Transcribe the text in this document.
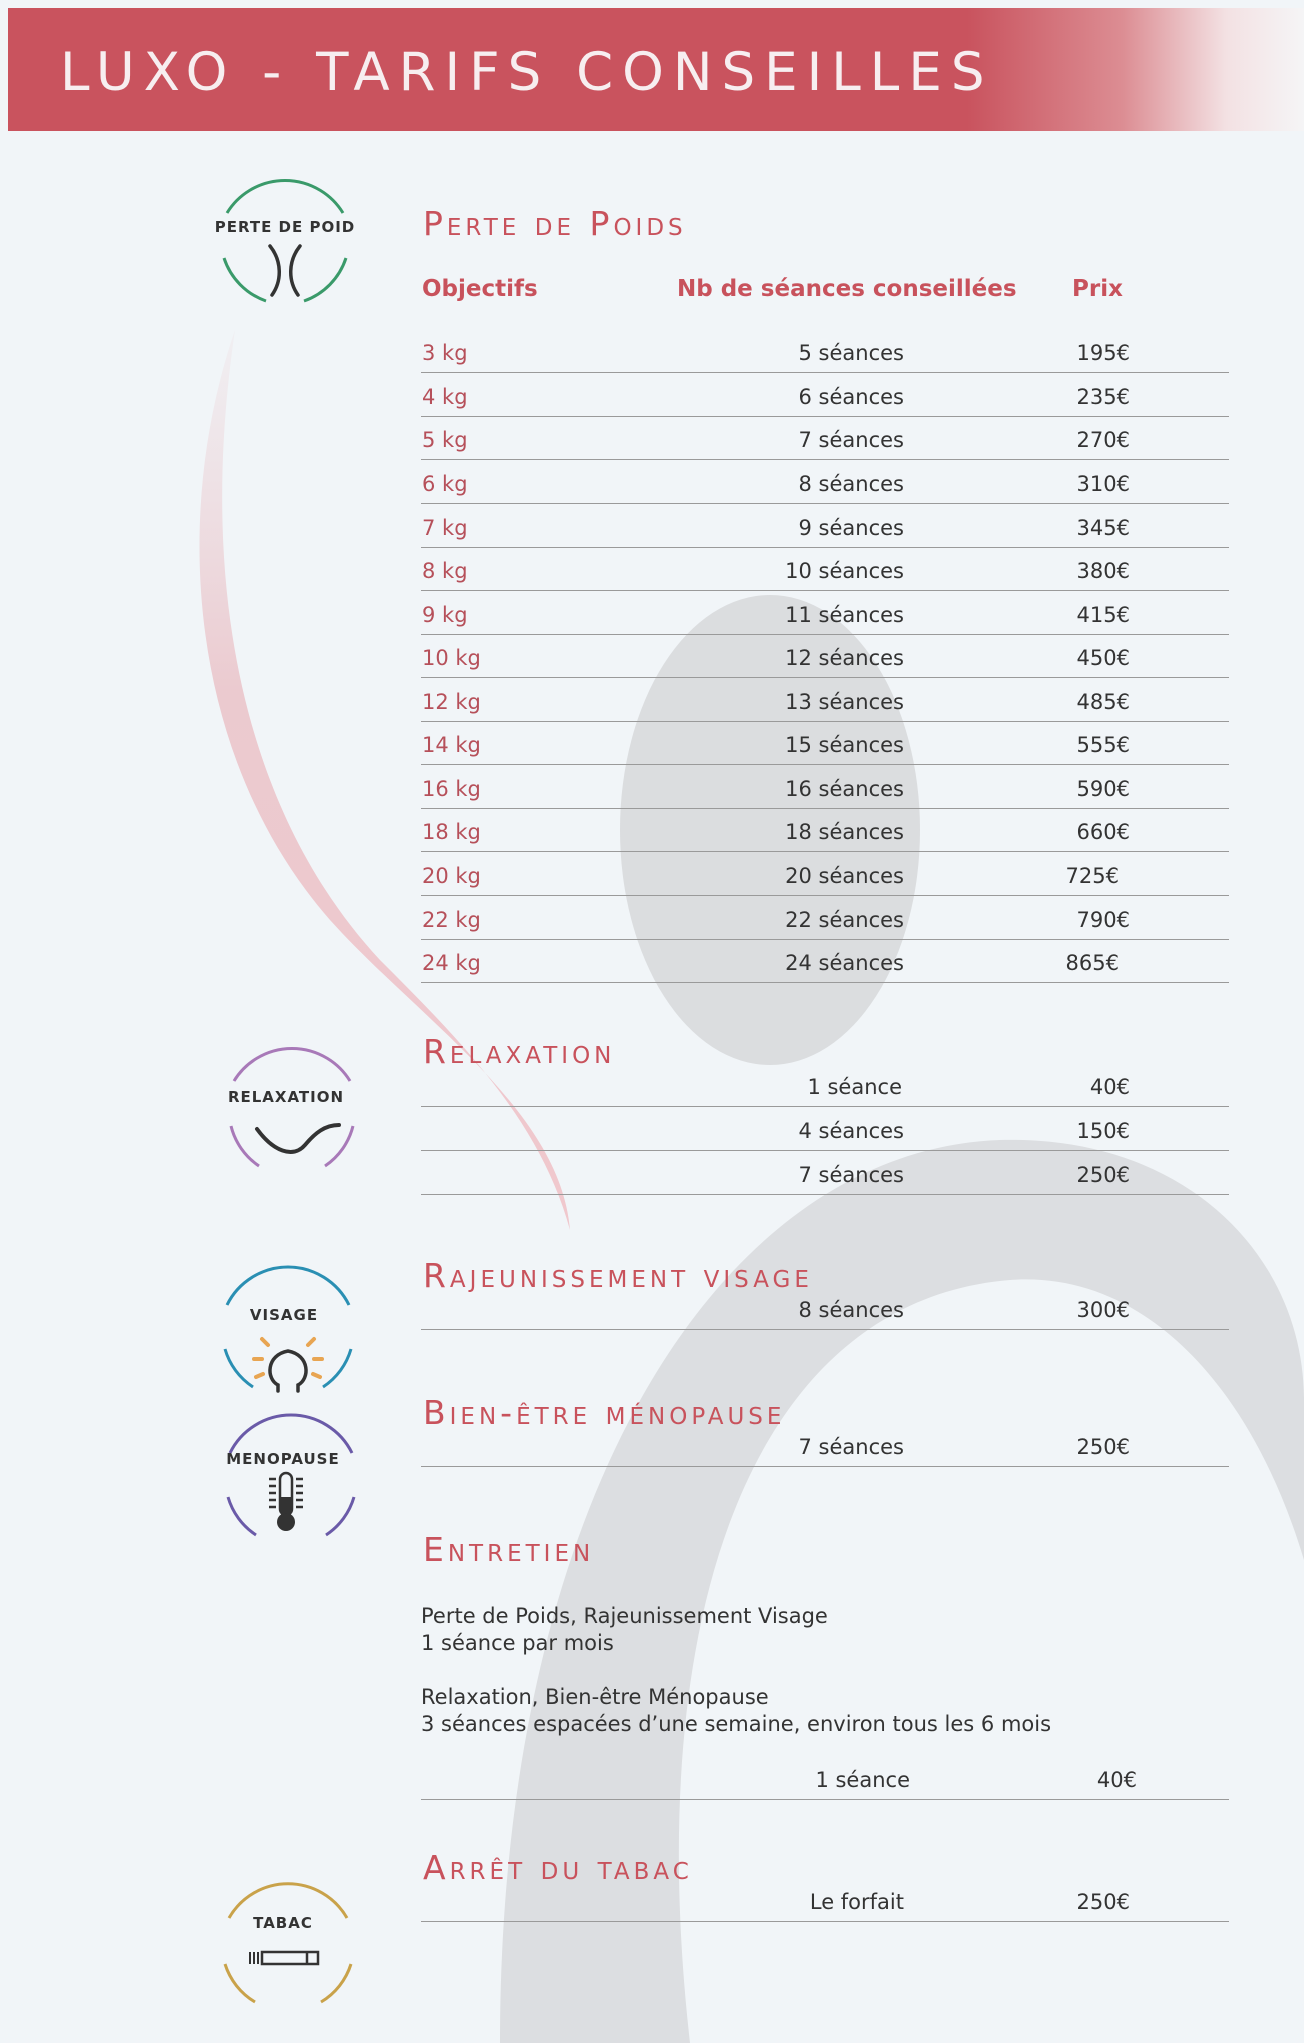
LUXO - TARIFS CONSEILLES
PERTE DE POID Perte de Poids
Objectifs	Nb de séances conseillées Prix
3 kg	5 séances	195€
4 kg	6 séances	235€
5 kg	7 séances	270€
6 kg	8 séances	310€
7 kg	9 séances	345€
8 kg	10 séances	380€
9 kg	11 séances	415€
10 kg	12 séances	450€
12 kg	13 séances	485€
14 kg	15 séances	555€
16 kg	16 séances	590€
18 kg	18 séances	660€
20 kg	20 séances	725€
22 kg	22 séances	790€
24 kg	24 séances	865€
RELAXATION
Relaxation
1 séance	40€
4 séances	150€
7 séances	250€
VISAGE
Rajeunissement visage
8 séances	300€
MENOPAUSE
Bien-être ménopause
7 séances	250€
Entretien
Perte de Poids, Rajeunissement Visage
1 séance par mois
Relaxation, Bien-être Ménopause
3 séances espacées d’une semaine, environ tous les 6 mois
1 séance	40€
TABAC
Arrêt du tabac
Le forfait	250€
